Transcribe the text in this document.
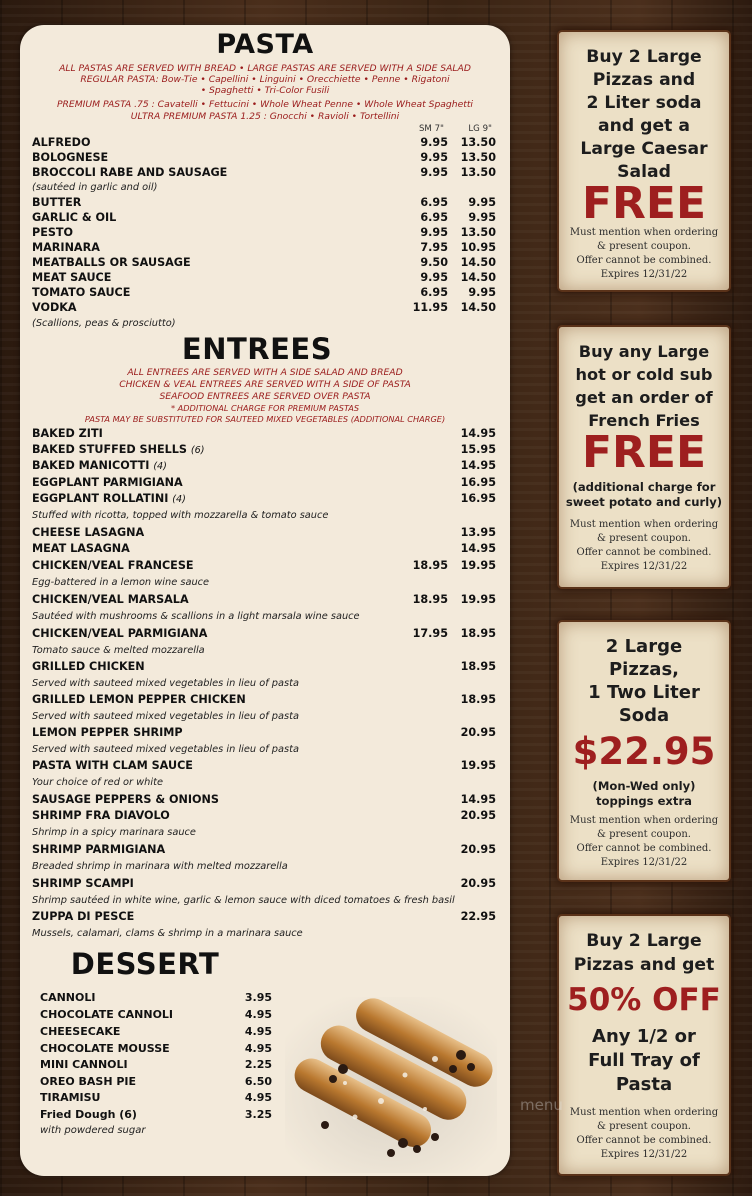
PASTA
ALL PASTAS ARE SERVED WITH BREAD • LARGE PASTAS ARE SERVED WITH A SIDE SALAD
REGULAR PASTA: Bow-Tie • Capellini • Linguini • Orecchiette • Penne • Rigatoni
• Spaghetti • Tri-Color Fusili
PREMIUM PASTA .75 : Cavatelli • Fettucini • Whole Wheat Penne • Whole Wheat Spaghetti
ULTRA PREMIUM PASTA 1.25 : Gnocchi • Ravioli • Tortellini
SM 7"	LG 9"
ALFREDO	9.95	13.50
BOLOGNESE	9.95	13.50
BROCCOLI RABE AND SAUSAGE	9.95	13.50
(sautéed in garlic and oil)
BUTTER	6.95	9.95
GARLIC & OIL	6.95	9.95
PESTO	9.95	13.50
MARINARA	7.95	10.95
MEATBALLS OR SAUSAGE	9.50	14.50
MEAT SAUCE	9.95	14.50
TOMATO SAUCE	6.95	9.95
VODKA	11.95	14.50
(Scallions, peas & prosciutto)
ENTREES
ALL ENTREES ARE SERVED WITH A SIDE SALAD AND BREAD
CHICKEN & VEAL ENTREES ARE SERVED WITH A SIDE OF PASTA
SEAFOOD ENTREES ARE SERVED OVER PASTA
* ADDITIONAL CHARGE FOR PREMIUM PASTAS
PASTA MAY BE SUBSTITUTED FOR SAUTEED MIXED VEGETABLES (ADDITIONAL CHARGE)
BAKED ZITI	14.95
BAKED STUFFED SHELLS (6)	15.95
BAKED MANICOTTI (4)	14.95
EGGPLANT PARMIGIANA	16.95
EGGPLANT ROLLATINI (4)	16.95
Stuffed with ricotta, topped with mozzarella & tomato sauce
CHEESE LASAGNA	13.95
MEAT LASAGNA	14.95
CHICKEN/VEAL FRANCESE	18.95	19.95
Egg-battered in a lemon wine sauce
CHICKEN/VEAL MARSALA	18.95	19.95
Sautéed with mushrooms & scallions in a light marsala wine sauce
CHICKEN/VEAL PARMIGIANA	17.95	18.95
Tomato sauce & melted mozzarella
GRILLED CHICKEN	18.95
Served with sauteed mixed vegetables in lieu of pasta
GRILLED LEMON PEPPER CHICKEN	18.95
Served with sauteed mixed vegetables in lieu of pasta
LEMON PEPPER SHRIMP	20.95
Served with sauteed mixed vegetables in lieu of pasta
PASTA WITH CLAM SAUCE	19.95
Your choice of red or white
SAUSAGE PEPPERS & ONIONS	14.95
SHRIMP FRA DIAVOLO	20.95
Shrimp in a spicy marinara sauce
SHRIMP PARMIGIANA	20.95
Breaded shrimp in marinara with melted mozzarella
SHRIMP SCAMPI	20.95
Shrimp sautéed in white wine, garlic & lemon sauce with diced tomatoes & fresh basil
ZUPPA DI PESCE	22.95
Mussels, calamari, clams & shrimp in a marinara sauce
DESSERT
CANNOLI	3.95
CHOCOLATE CANNOLI	4.95
CHEESECAKE	4.95
CHOCOLATE MOUSSE	4.95
MINI CANNOLI	2.25
OREO BASH PIE	6.50
TIRAMISU	4.95
Fried Dough (6)	3.25
with powdered sugar
Buy 2 Large
Pizzas and
2 Liter soda
and get a
Large Caesar
Salad
FREE
Must mention when ordering
& present coupon.
Offer cannot be combined.
Expires 12/31/22
Buy any Large
hot or cold sub
get an order of
French Fries
FREE
(additional charge for
sweet potato and curly)
Must mention when ordering
& present coupon.
Offer cannot be combined.
Expires 12/31/22
2 Large
Pizzas,
1 Two Liter
Soda
$22.95
(Mon-Wed only)
toppings extra
Must mention when ordering
& present coupon.
Offer cannot be combined.
Expires 12/31/22
Buy 2 Large
Pizzas and get
50% OFF
Any 1/2 or
Full Tray of
Pasta
Must mention when ordering
& present coupon.
Offer cannot be combined.
Expires 12/31/22
menu
